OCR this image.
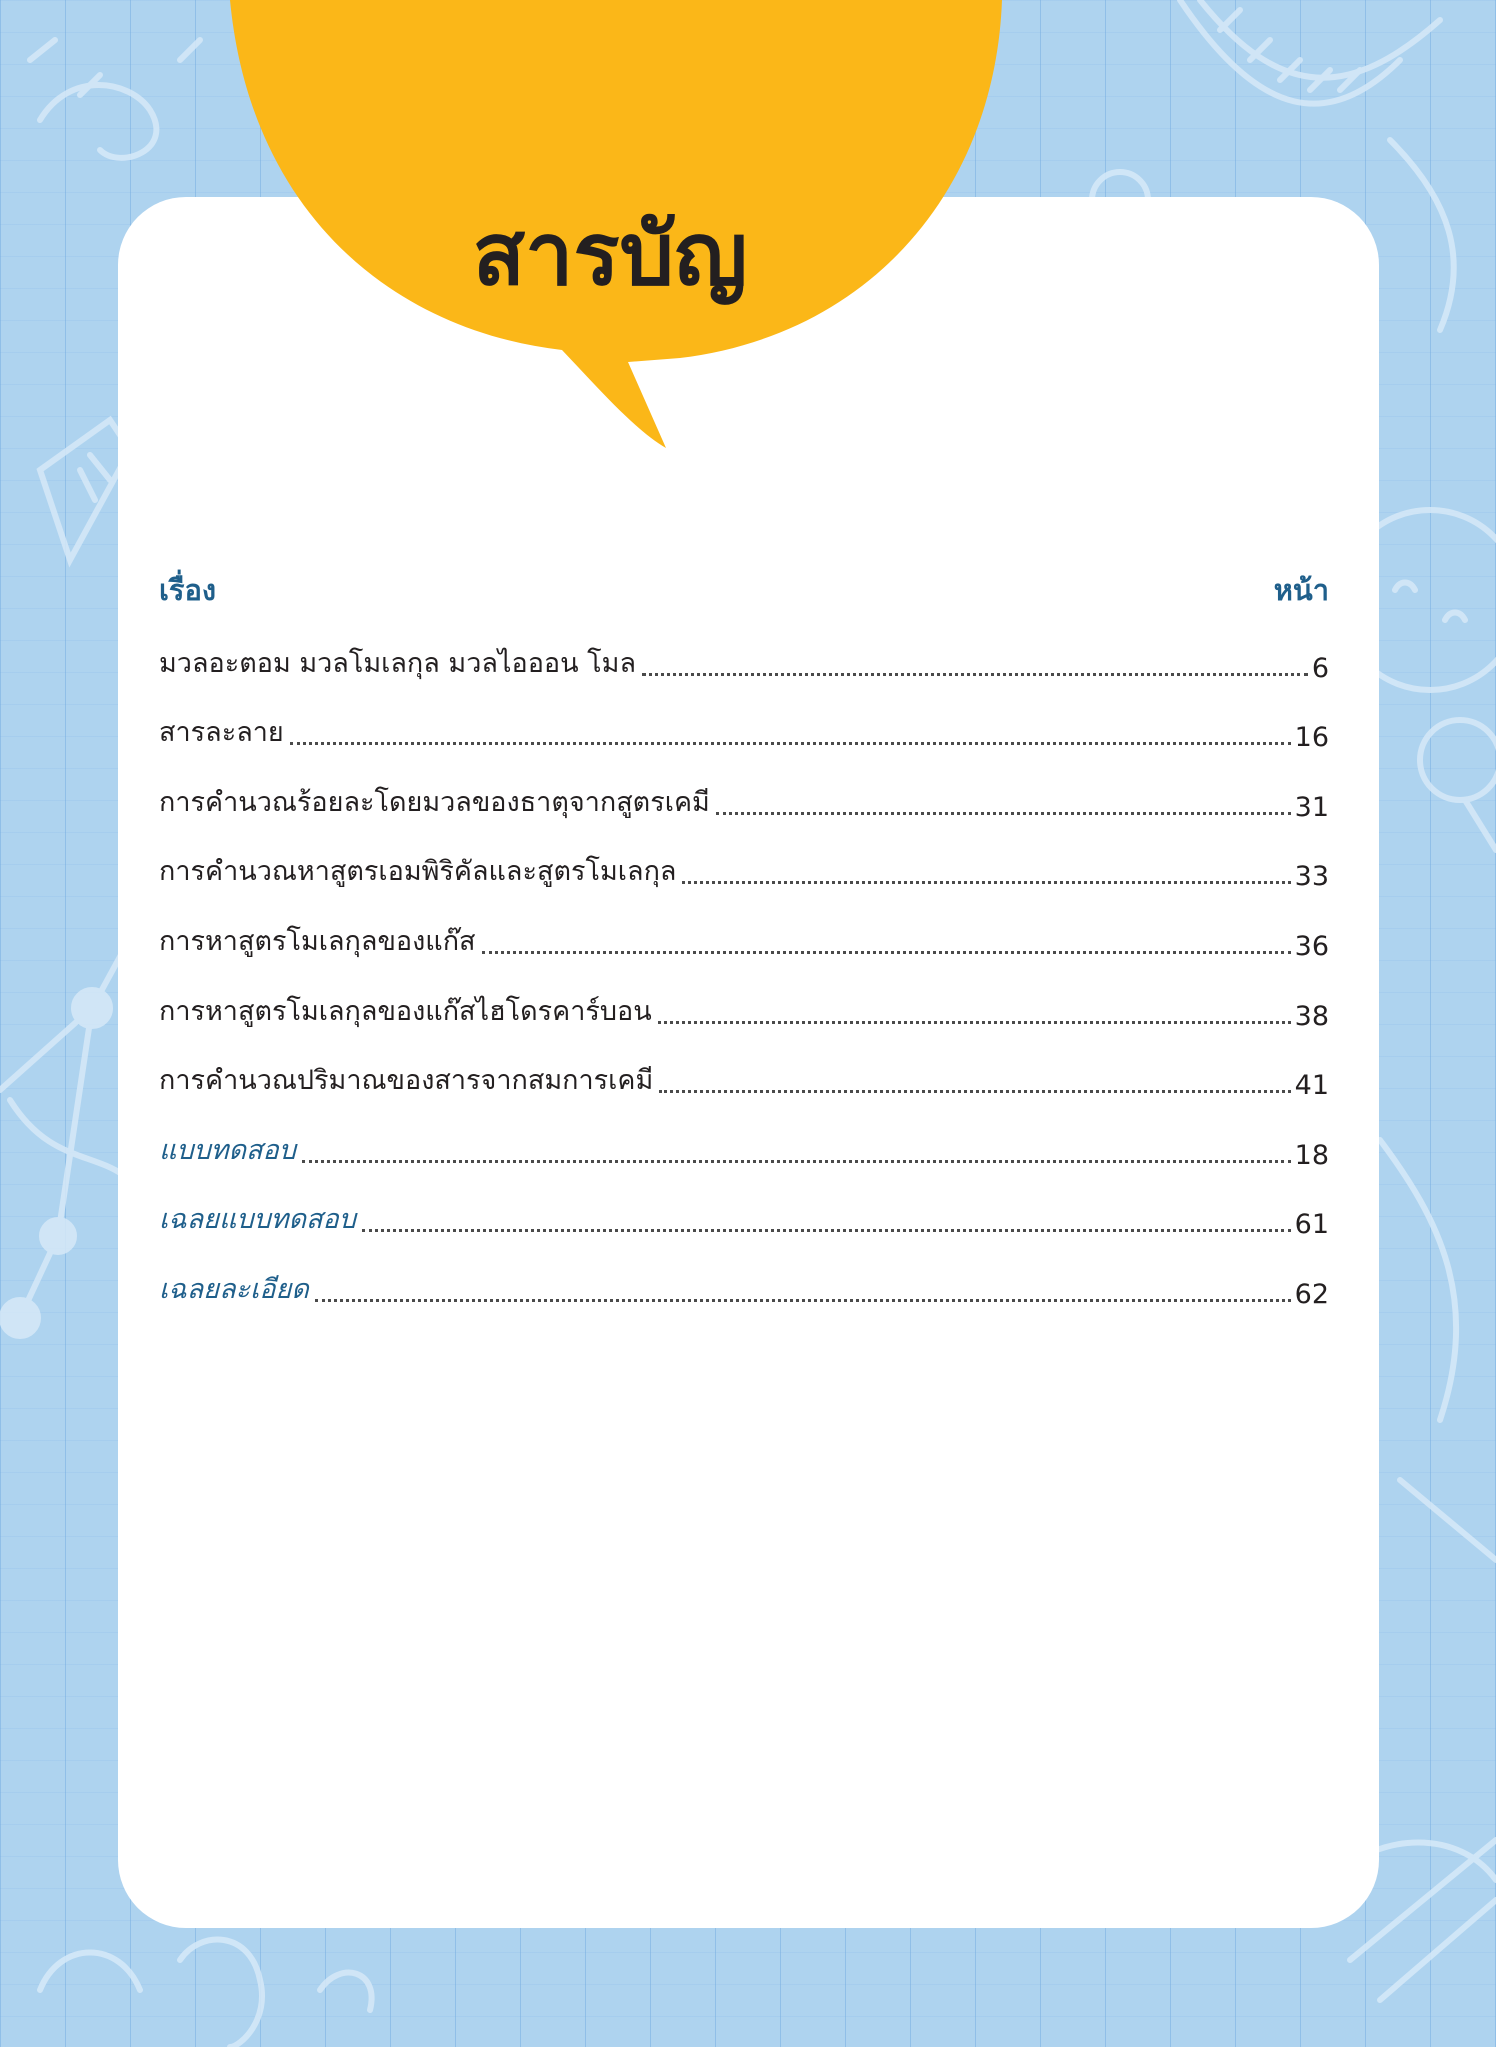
สารบัญ
เรื่อง	หน้า
มวลอะตอม มวลโมเลกุล มวลไอออน โมล	6
สารละลาย	16
การคำนวณร้อยละโดยมวลของธาตุจากสูตรเคมี	31
การคำนวณหาสูตรเอมพิริคัลและสูตรโมเลกุล	33
การหาสูตรโมเลกุลของแก๊ส	36
การหาสูตรโมเลกุลของแก๊สไฮโดรคาร์บอน	38
การคำนวณปริมาณของสารจากสมการเคมี	41
แบบทดสอบ	18
เฉลยแบบทดสอบ	61
เฉลยละเอียด	62
